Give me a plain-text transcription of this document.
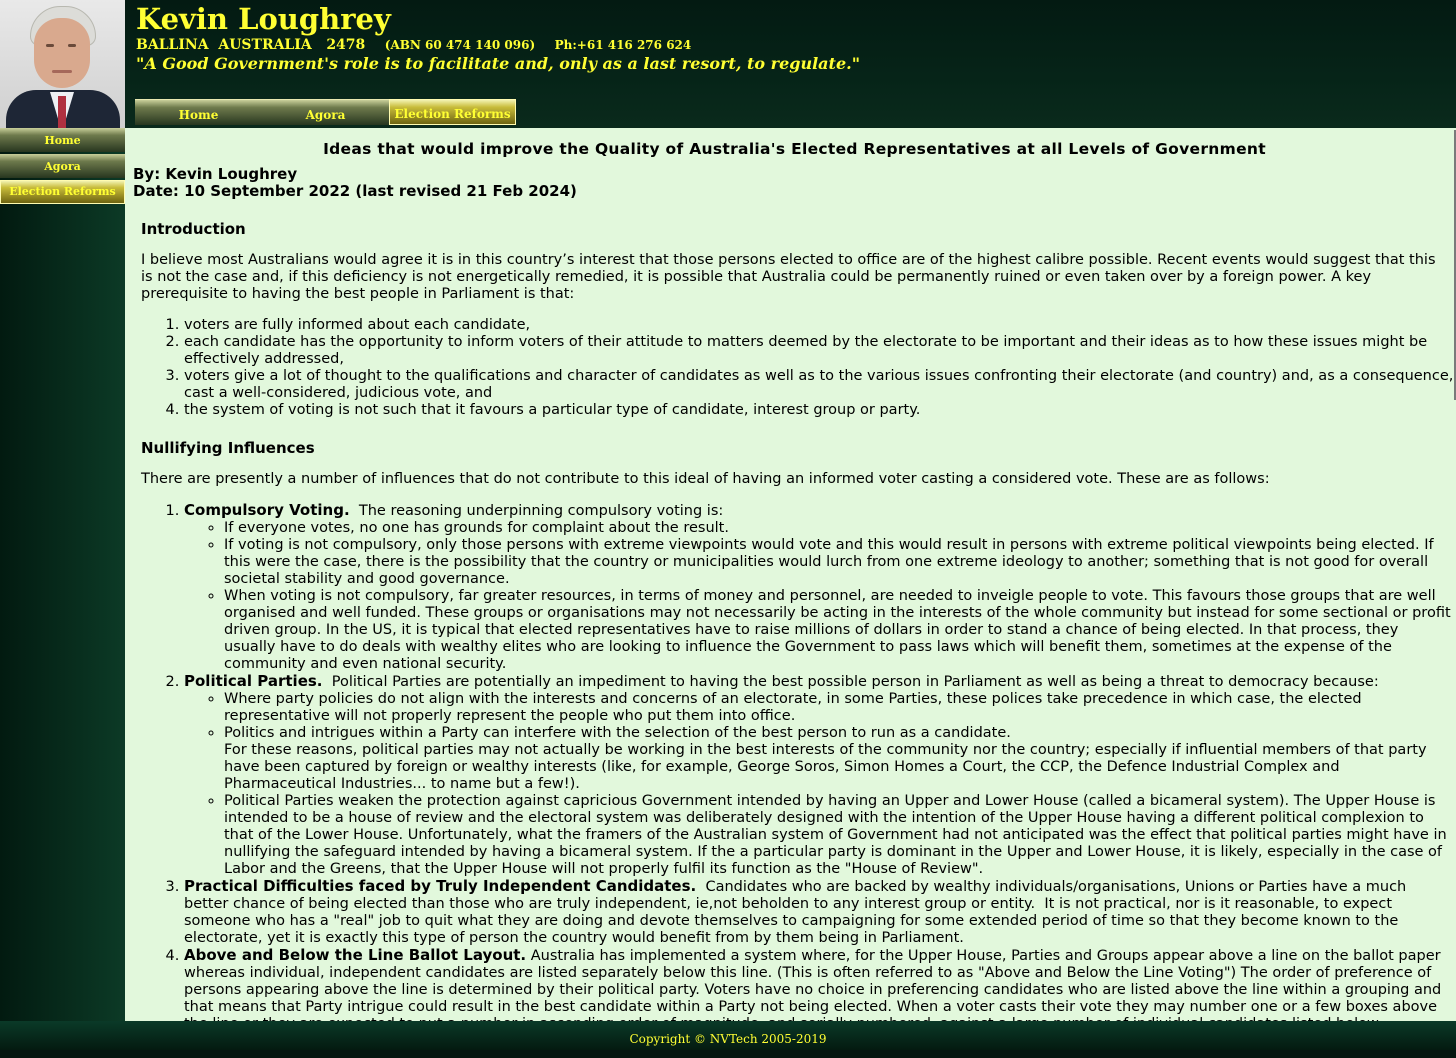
Kevin Loughrey
BALLINA  AUSTRALIA   2478 (ABN 60 474 140 096) Ph:+61 416 276 624
"A Good Government's role is to facilitate and, only as a last resort, to regulate."
Home	Agora	Election Reforms
Home
Agora
Election Reforms
Ideas that would improve the Quality of Australia's Elected Representatives at all Levels of Government

By: Kevin Loughrey

Date: 10 September 2022 (last revised 21 Feb 2024)

Introduction

I believe most Australians would agree it is in this country’s interest that those persons elected to office are of the highest calibre possible. Recent events would suggest that this is not the case and, if this deficiency is not energetically remedied, it is possible that Australia could be permanently ruined or even taken over by a foreign power. A key prerequisite to having the best people in Parliament is that:

1. voters are fully informed about each candidate,
2. each candidate has the opportunity to inform voters of their attitude to matters deemed by the electorate to be important and their ideas as to how these issues might be effectively addressed,
3. voters give a lot of thought to the qualifications and character of candidates as well as to the various issues confronting their electorate (and country) and, as a consequence, cast a well-considered, judicious vote, and
4. the system of voting is not such that it favours a particular type of candidate, interest group or party.
Nullifying Influences

There are presently a number of influences that do not contribute to this ideal of having an informed voter casting a considered vote. These are as follows:

1. Compulsory Voting.  The reasoning underpinning compulsory voting is:
◦ If everyone votes, no one has grounds for complaint about the result.
◦ If voting is not compulsory, only those persons with extreme viewpoints would vote and this would result in persons with extreme political viewpoints being elected. If this were the case, there is the possibility that the country or municipalities would lurch from one extreme ideology to another; something that is not good for overall societal stability and good governance.
◦ When voting is not compulsory, far greater resources, in terms of money and personnel, are needed to inveigle people to vote. This favours those groups that are well organised and well funded. These groups or organisations may not necessarily be acting in the interests of the whole community but instead for some sectional or profit driven group. In the US, it is typical that elected representatives have to raise millions of dollars in order to stand a chance of being elected. In that process, they usually have to do deals with wealthy elites who are looking to influence the Government to pass laws which will benefit them, sometimes at the expense of the community and even national security.
2. Political Parties.  Political Parties are potentially an impediment to having the best possible person in Parliament as well as being a threat to democracy because:
◦ Where party policies do not align with the interests and concerns of an electorate, in some Parties, these polices take precedence in which case, the elected representative will not properly represent the people who put them into office.
◦ Politics and intrigues within a Party can interfere with the selection of the best person to run as a candidate.
For these reasons, political parties may not actually be working in the best interests of the community nor the country; especially if influential members of that party have been captured by foreign or wealthy interests (like, for example, George Soros, Simon Homes a Court, the CCP, the Defence Industrial Complex and Pharmaceutical Industries... to name but a few!).
◦ Political Parties weaken the protection against capricious Government intended by having an Upper and Lower House (called a bicameral system). The Upper House is intended to be a house of review and the electoral system was deliberately designed with the intention of the Upper House having a different political complexion to that of the Lower House. Unfortunately, what the framers of the Australian system of Government had not anticipated was the effect that political parties might have in nullifying the safeguard intended by having a bicameral system. If the a particular party is dominant in the Upper and Lower House, it is likely, especially in the case of Labor and the Greens, that the Upper House will not properly fulfil its function as the "House of Review".
3. Practical Difficulties faced by Truly Independent Candidates.  Candidates who are backed by wealthy individuals/organisations, Unions or Parties have a much better chance of being elected than those who are truly independent, ie,not beholden to any interest group or entity.  It is not practical, nor is it reasonable, to expect someone who has a "real" job to quit what they are doing and devote themselves to campaigning for some extended period of time so that they become known to the electorate, yet it is exactly this type of person the country would benefit from by them being in Parliament.
4. Above and Below the Line Ballot Layout. Australia has implemented a system where, for the Upper House, Parties and Groups appear above a line on the ballot paper whereas individual, independent candidates are listed separately below this line. (This is often referred to as "Above and Below the Line Voting") The order of preference of persons appearing above the line is determined by their political party. Voters have no choice in preferencing candidates who are listed above the line within a grouping and that means that Party intrigue could result in the best candidate within a Party not being elected. When a voter casts their vote they may number one or a few boxes above
Copyright © NVTech 2005-2019
